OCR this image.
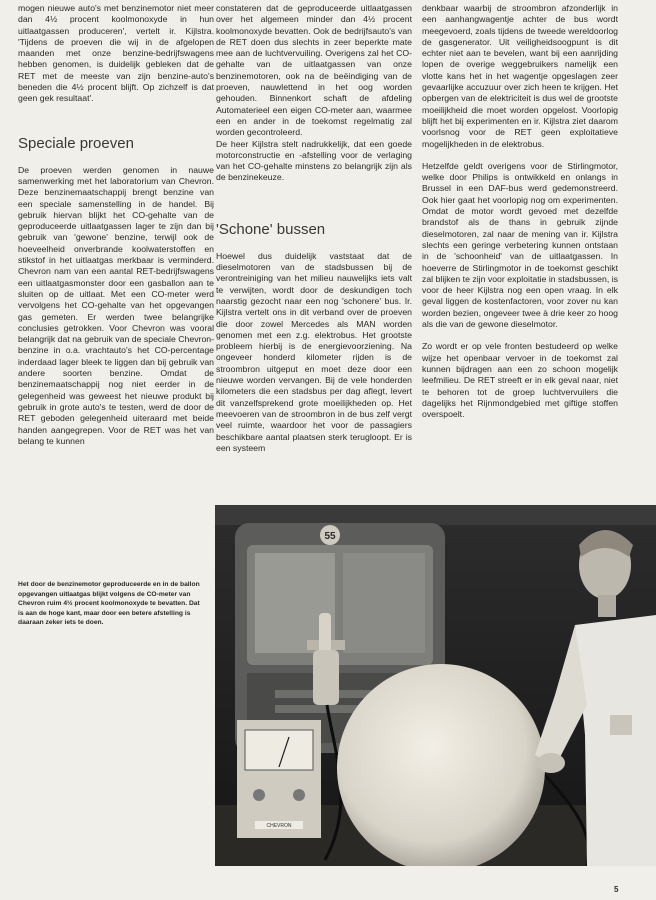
mogen nieuwe auto's met benzinemotor niet meer dan 4½ procent koolmonoxyde in hun uitlaatgassen produceren', vertelt ir. Kijlstra. 'Tijdens de proeven die wij in de afgelopen maanden met onze benzine-bedrijfswagens hebben genomen, is duidelijk gebleken dat de RET met de meeste van zijn benzine-auto's beneden die 4½ procent blijft. Op zichzelf is dat geen gek resultaat'.

Speciale proeven

De proeven werden genomen in nauwe samenwerking met het laboratorium van Chevron. Deze benzinemaatschappij brengt benzine van een speciale samenstelling in de handel. Bij gebruik hiervan blijkt het CO-gehalte van de geproduceerde uitlaatgassen lager te zijn dan bij gebruik van 'gewone' benzine, terwijl ook de hoeveelheid onverbrande koolwaterstoffen en stikstof in het uitlaatgas merkbaar is verminderd. Chevron nam van een aantal RET-bedrijfswagens een uitlaatgasmonster door een gasballon aan te sluiten op de uitlaat. Met een CO-meter werd vervolgens het CO-gehalte van het opgevangen gas gemeten. Er werden twee belangrijke conclusies getrokken. Voor Chevron was vooral belangrijk dat na gebruik van de speciale Chevron-benzine in o.a. vrachtauto's het CO-percentage inderdaad lager bleek te liggen dan bij gebruik van andere soorten benzine. Omdat de benzinemaatschappij nog niet eerder in de gelegenheid was geweest het nieuwe produkt bij gebruik in grote auto's te testen, werd de door de RET geboden gelegenheid uiteraard met beide handen aangegrepen. Voor de RET was het van belang te kunnen

constateren dat de geproduceerde uitlaatgassen over het algemeen minder dan 4½ procent koolmonoxyde bevatten. Ook de bedrijfsauto's van de RET doen dus slechts in zeer beperkte mate mee aan de luchtvervuiling. Overigens zal het CO-gehalte van de uitlaatgassen van onze benzinemotoren, ook na de beëindiging van de proeven, nauwlettend in het oog worden gehouden. Binnenkort schaft de afdeling Automaterieel een eigen CO-meter aan, waarmee een en ander in de toekomst regelmatig zal worden gecontroleerd.

De heer Kijlstra stelt nadrukkelijk, dat een goede motorconstructie en -afstelling voor de verlaging van het CO-gehalte minstens zo belangrijk zijn als de benzinekeuze.

'Schone' bussen

Hoewel dus duidelijk vaststaat dat de dieselmotoren van de stadsbussen bij de verontreiniging van het milieu nauwelijks iets valt te verwijten, wordt door de deskundigen toch naarstig gezocht naar een nog 'schonere' bus. Ir. Kijlstra vertelt ons in dit verband over de proeven die door zowel Mercedes als MAN worden genomen met een z.g. elektrobus. Het grootste probleem hierbij is de energievoorziening. Na ongeveer honderd kilometer rijden is de stroombron uitgeput en moet deze door een nieuwe worden vervangen. Bij de vele honderden kilometers die een stadsbus per dag aflegt, levert dit vanzelfsprekend grote moeilijkheden op. Het meevoeren van de stroombron in de bus zelf vergt veel ruimte, waardoor het voor de passagiers beschikbare aantal plaatsen sterk terugloopt. Er is een systeem

denkbaar waarbij de stroombron afzonderlijk in een aanhangwagentje achter de bus wordt meegevoerd, zoals tijdens de tweede wereldoorlog de gasgenerator. Uit veiligheidsoogpunt is dit echter niet aan te bevelen, want bij een aanrijding lopen de overige weggebruikers namelijk een vlotte kans het in het wagentje opgeslagen zeer gevaarlijke accuzuur over zich heen te krijgen. Het opbergen van de elektriciteit is dus wel de grootste moeilijkheid die moet worden opgelost. Voorlopig blijft het bij experimenten en ir. Kijlstra ziet daarom voorlsnog voor de RET geen exploitatieve mogelijkheden in de elektrobus.

Hetzelfde geldt overigens voor de Stirlingmotor, welke door Philips is ontwikkeld en onlangs in Brussel in een DAF-bus werd gedemonstreerd. Ook hier gaat het voorlopig nog om experimenten. Omdat de motor wordt gevoed met dezelfde brandstof als de thans in gebruik zijnde dieselmotoren, zal naar de mening van ir. Kijlstra slechts een geringe verbetering kunnen ontstaan in de 'schoonheid' van de uitlaatgassen. In hoeverre de Stirlingmotor in de toekomst geschikt zal blijken te zijn voor exploitatie in stadsbussen, is voor de heer Kijlstra nog een open vraag. In elk geval liggen de kostenfactoren, voor zover nu kan worden bezien, ongeveer twee à drie keer zo hoog als die van de gewone dieselmotor.

Zo wordt er op vele fronten bestudeerd op welke wijze het openbaar vervoer in de toekomst zal kunnen bijdragen aan een zo schoon mogelijk leefmilieu. De RET streeft er in elk geval naar, niet te behoren tot de groep luchtvervuilers die dagelijks het Rijnmondgebied met giftige stoffen overspoelt.

Het door de benzinemotor geproduceerde en in de ballon opgevangen uitlaatgas blijkt volgens de CO-meter van Chevron ruim 4½ procent koolmonoxyde te bevatten. Dat is aan de hoge kant, maar door een betere afstelling is daaraan zeker iets te doen.
55
CHEVRON
5
